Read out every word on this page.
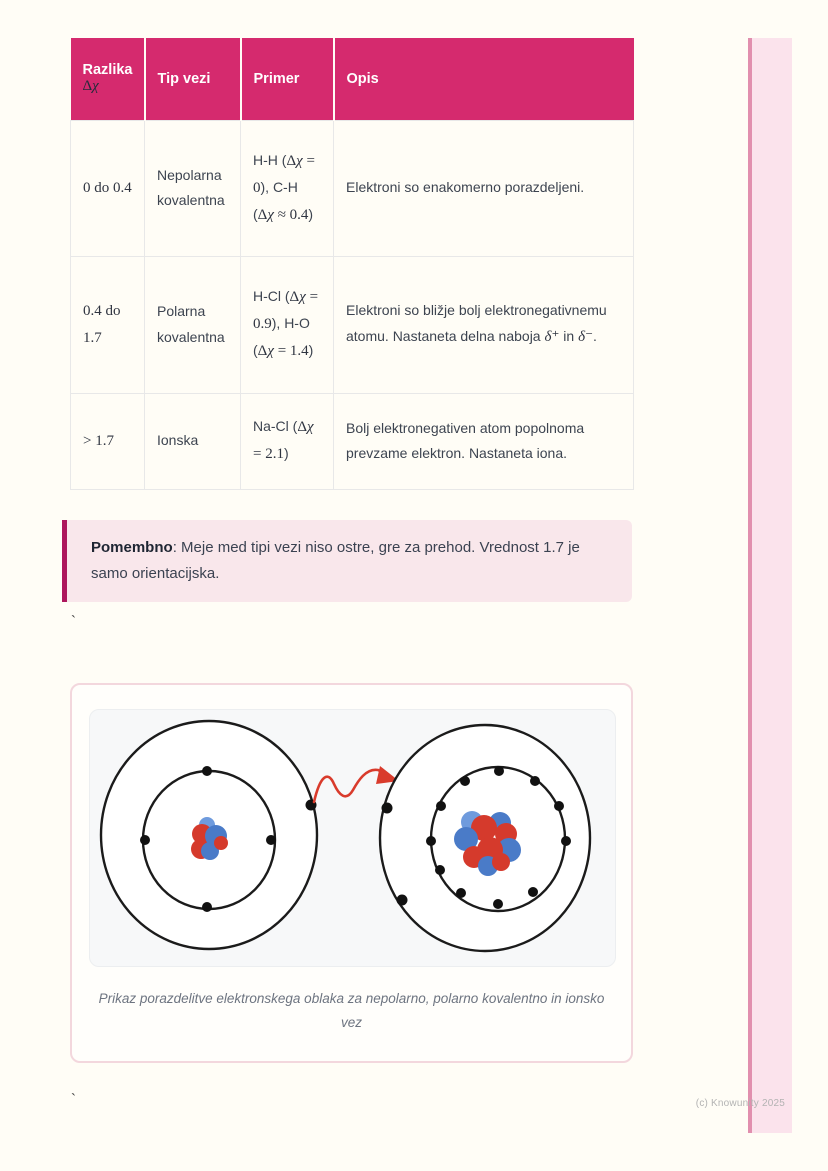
Razlika
Δχ	Tip vezi	Primer	Opis
0 do 0.4	Nepolarna kovalentna	H-H (Δχ = 0), C-H (Δχ ≈ 0.4)	Elektroni so enakomerno porazdeljeni.
0.4 do 1.7	Polarna kovalentna	H-Cl (Δχ = 0.9), H-O (Δχ = 1.4)	Elektroni so bližje bolj elektronegativnemu atomu. Nastaneta delna naboja δ⁺ in δ⁻.
> 1.7	Ionska	Na-Cl (Δχ = 2.1)	Bolj elektronegativen atom popolnoma prevzame elektron. Nastaneta iona.
Pomembno: Meje med tipi vezi niso ostre, gre za prehod. Vrednost 1.7 je samo orientacijska.
`
Prikaz porazdelitve elektronskega oblaka za nepolarno, polarno kovalentno in ionsko vez
`	(c) Knowunity 2025
